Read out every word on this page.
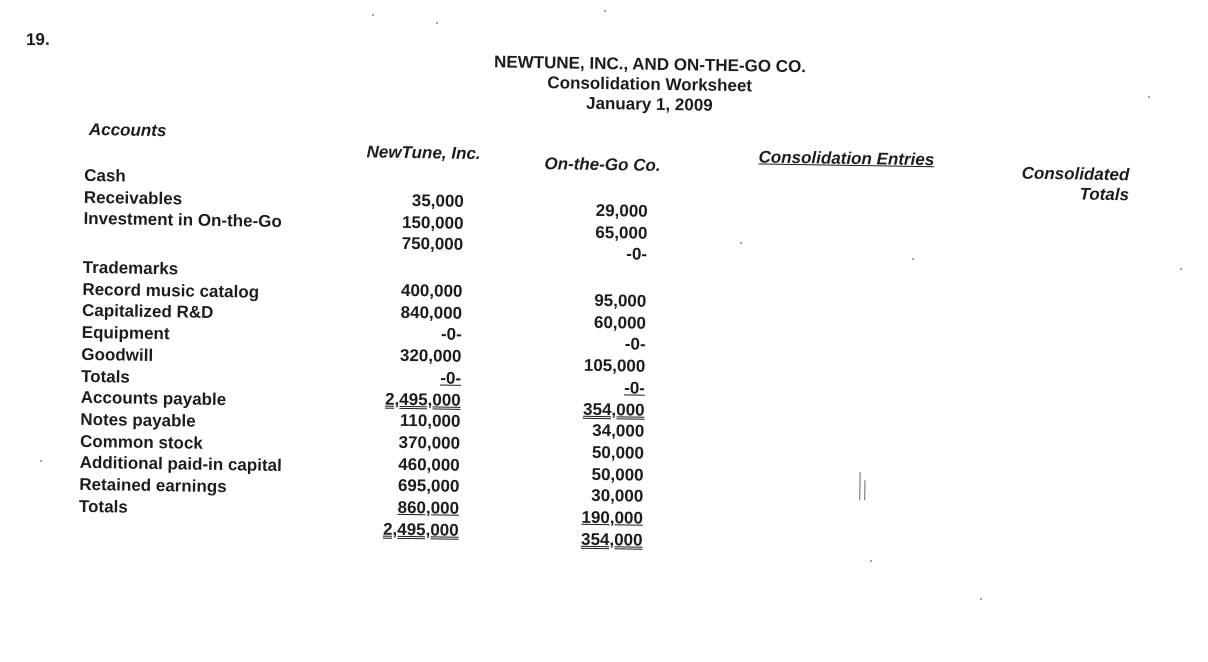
NEWTUNE, INC., AND ON-THE-GO CO.
Consolidation Worksheet
January 1, 2009
Accounts
NewTune, Inc.
On-the-Go Co.	Consolidation Entries
Consolidated
Totals
Cash
Receivables
Investment in On-the-Go
Trademarks
Record music catalog
Capitalized R&D
Equipment
Goodwill
Totals
Accounts payable
Notes payable
Common stock
Additional paid-in capital
Retained earnings
Totals
35,000
150,000
750,000
400,000
840,000
-0-
320,000
-0-
2,495,000
110,000
370,000
460,000
695,000
860,000
2,495,000
29,000
65,000
-0-
95,000
60,000
-0-
105,000
-0-
354,000
34,000
50,000
50,000
30,000
190,000
354,000
19.
